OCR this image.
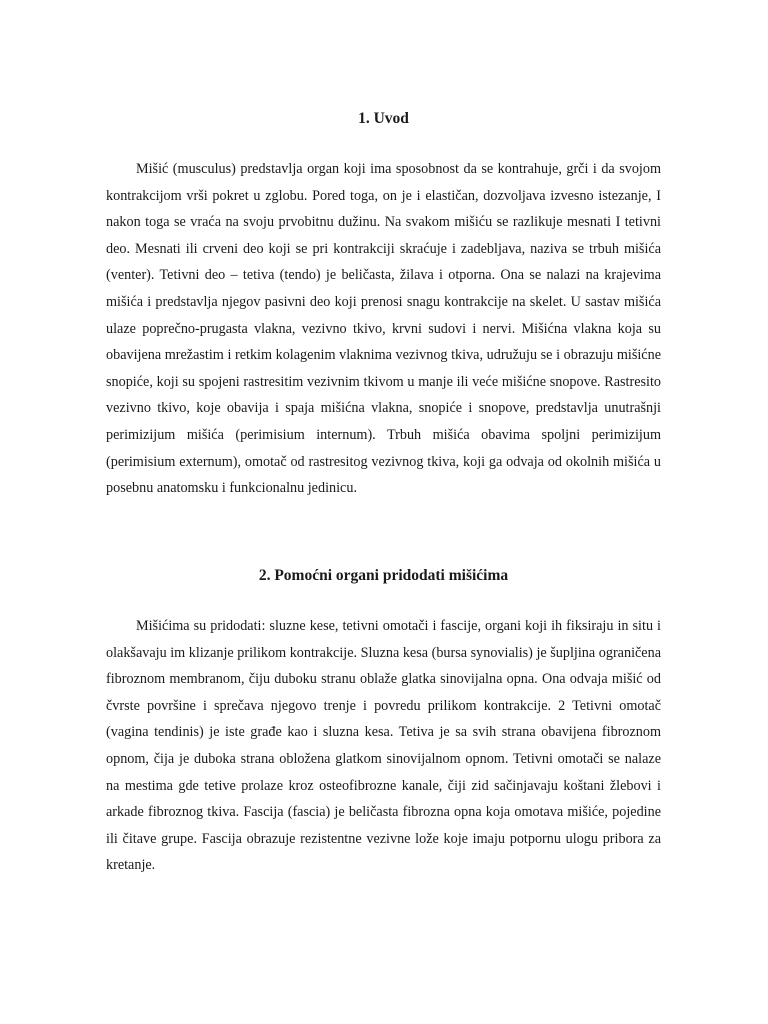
1. Uvod

Mišić (musculus) predstavlja organ koji ima sposobnost da se kontrahuje, grči i da svojom kontrakcijom vrši pokret u zglobu. Pored toga, on je i elastičan, dozvoljava izvesno istezanje, I nakon toga se vraća na svoju prvobitnu dužinu. Na svakom mišiću se razlikuje mesnati I tetivni deo. Mesnati ili crveni deo koji se pri kontrakciji skraćuje i zadebljava, naziva se trbuh mišića (venter). Tetivni deo – tetiva (tendo) je beličasta, žilava i otporna. Ona se nalazi na krajevima mišića i predstavlja njegov pasivni deo koji prenosi snagu kontrakcije na skelet. U sastav mišića ulaze poprečno-prugasta vlakna, vezivno tkivo, krvni sudovi i nervi. Mišićna vlakna koja su obavijena mrežastim i retkim kolagenim vlaknima vezivnog tkiva, udružuju se i obrazuju mišićne snopiće, koji su spojeni rastresitim vezivnim tkivom u manje ili veće mišićne snopove. Rastresito vezivno tkivo, koje obavija i spaja mišićna vlakna, snopiće i snopove, predstavlja unutrašnji perimizijum mišića (perimisium internum). Trbuh mišića obavima spoljni perimizijum (perimisium externum), omotač od rastresitog vezivnog tkiva, koji ga odvaja od okolnih mišića u posebnu anatomsku i funkcionalnu jedinicu.

2. Pomoćni organi pridodati mišićima

Mišićima su pridodati: sluzne kese, tetivni omotači i fascije, organi koji ih fiksiraju in situ i olakšavaju im klizanje prilikom kontrakcije. Sluzna kesa (bursa synovialis) je šupljina ograničena fibroznom membranom, čiju duboku stranu oblaže glatka sinovijalna opna. Ona odvaja mišić od čvrste površine i sprečava njegovo trenje i povredu prilikom kontrakcije. 2 Tetivni omotač (vagina tendinis) je iste građe kao i sluzna kesa. Tetiva je sa svih strana obavijena fibroznom opnom, čija je duboka strana obložena glatkom sinovijalnom opnom. Tetivni omotači se nalaze na mestima gde tetive prolaze kroz osteofibrozne kanale, čiji zid sačinjavaju koštani žlebovi i arkade fibroznog tkiva. Fascija (fascia) je beličasta fibrozna opna koja omotava mišiće, pojedine ili čitave grupe. Fascija obrazuje rezistentne vezivne lože koje imaju potpornu ulogu pribora za kretanje.
